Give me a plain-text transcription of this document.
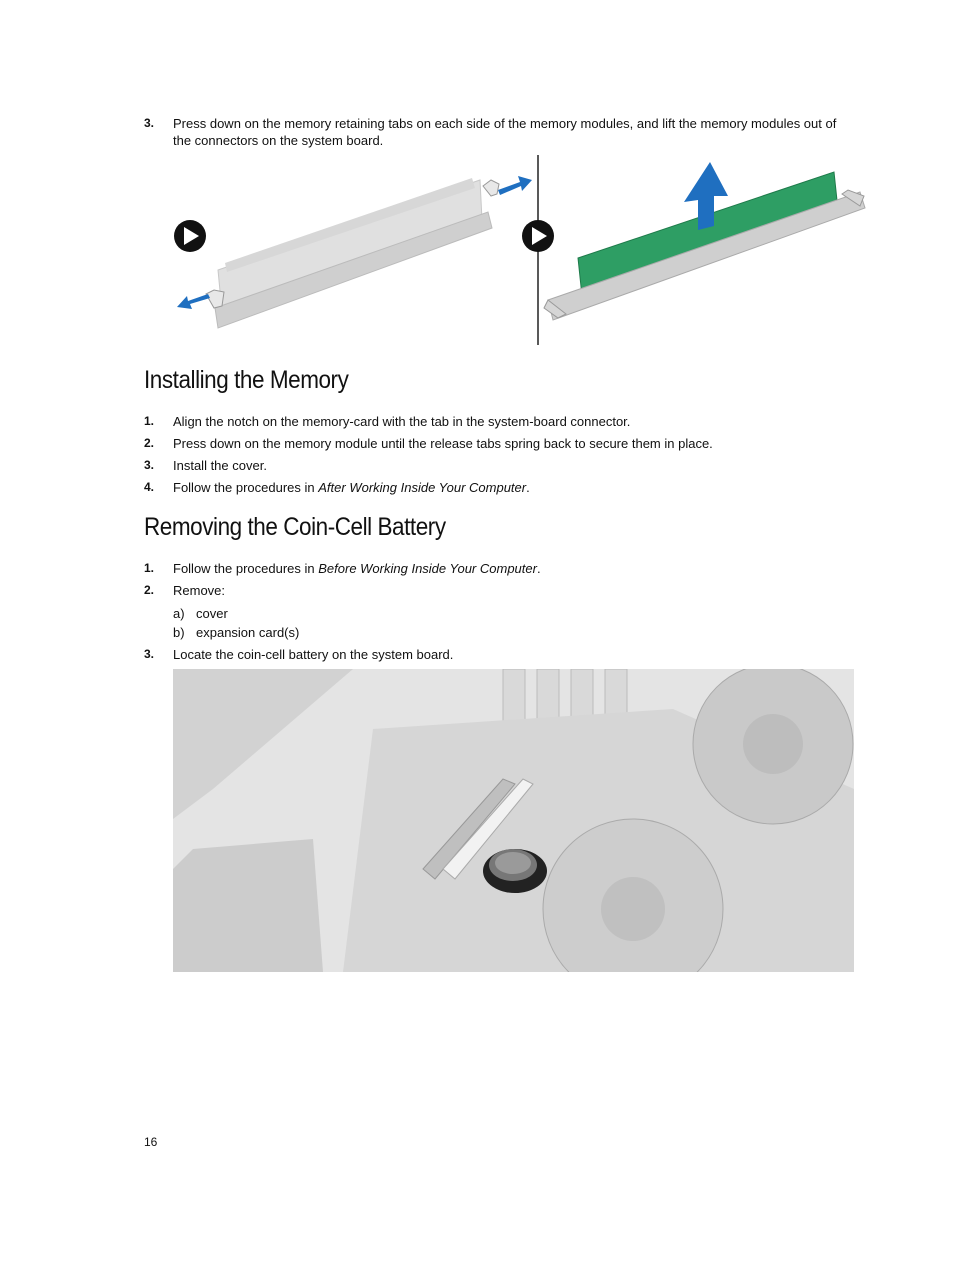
3. Press down on the memory retaining tabs on each side of the memory modules, and lift the memory modules out of the connectors on the system board.
Installing the Memory
1. Align the notch on the memory-card with the tab in the system-board connector.
2. Press down on the memory module until the release tabs spring back to secure them in place.
3. Install the cover.
4. Follow the procedures in After Working Inside Your Computer.
Removing the Coin-Cell Battery
1. Follow the procedures in Before Working Inside Your Computer.
2. Remove:
a) cover
b) expansion card(s)
3. Locate the coin-cell battery on the system board.
16
